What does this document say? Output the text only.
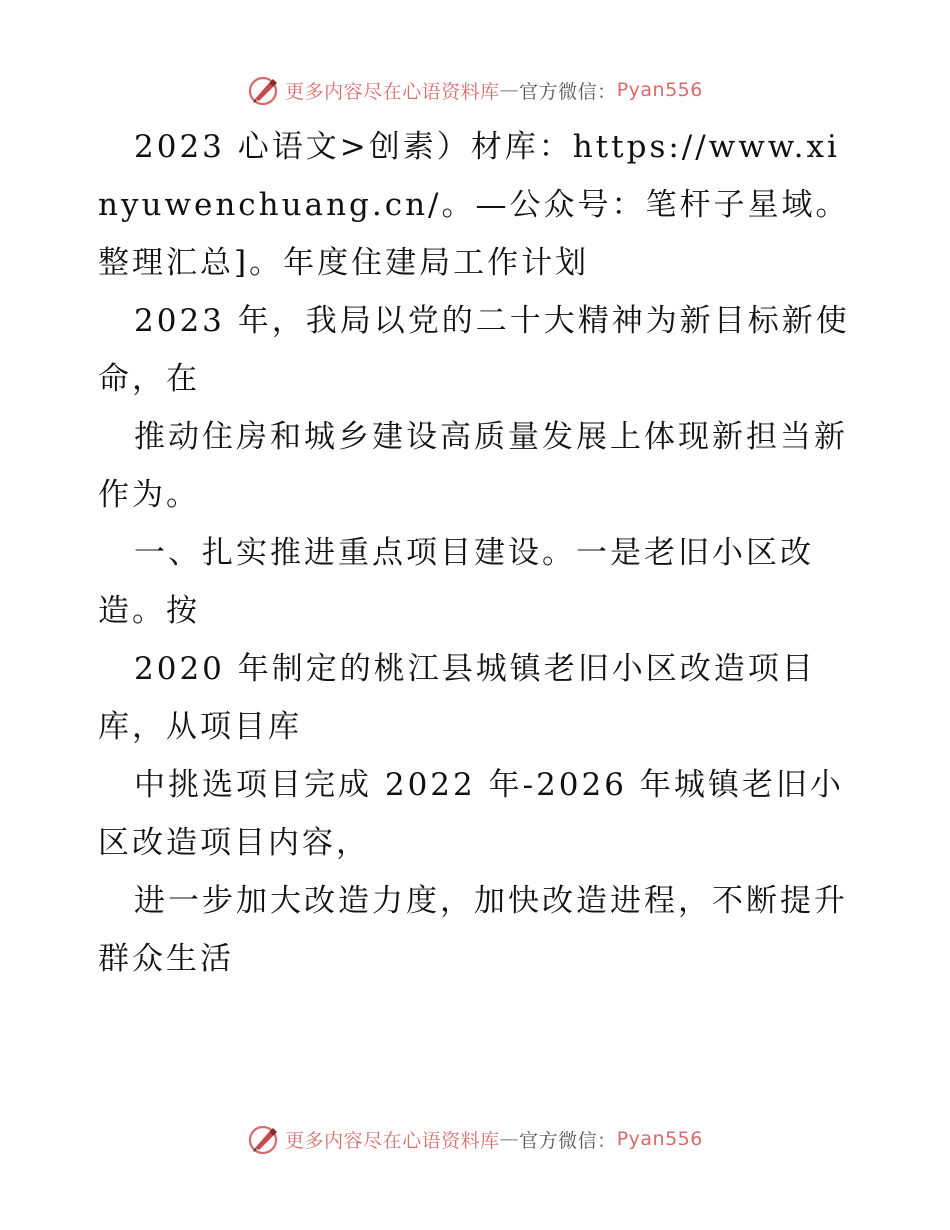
更多内容尽在心语资料库 — 官方微信： Pyan556

2023 心语文>创素）材库：https://www.xinyuwenchuang.cn/。—公众号：笔杆子星域。整理汇总]。年度住建局工作计划

2023 年，我局以党的二十大精神为新目标新使命，在

推动住房和城乡建设高质量发展上体现新担当新作为。

一、扎实推进重点项目建设。一是老旧小区改造。按

2020 年制定的桃江县城镇老旧小区改造项目库，从项目库

中挑选项目完成 2022 年-2026 年城镇老旧小区改造项目内容，

进一步加大改造力度，加快改造进程，不断提升群众生活

更多内容尽在心语资料库 — 官方微信： Pyan556
